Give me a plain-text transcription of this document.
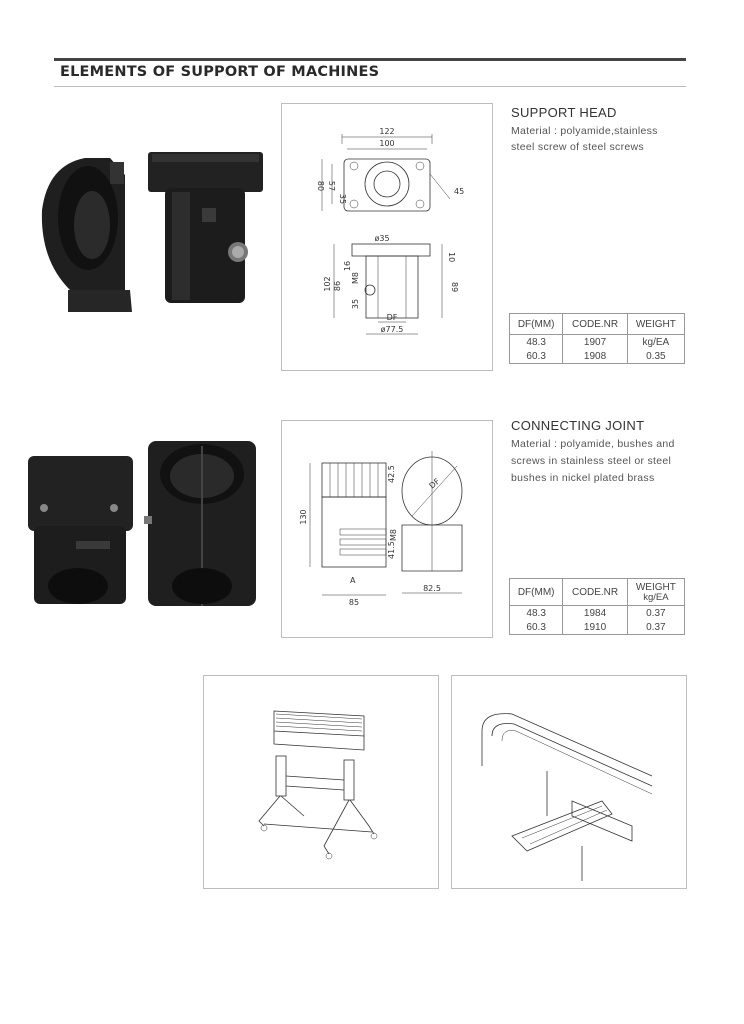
ELEMENTS OF SUPPORT OF MACHINES
122
100
80 57
35
45
ø35
89
10
102 86
16
M8
35
DF
ø77.5
SUPPORT HEAD
Material : polyamide,stainless
steel screw of steel screws
DF(MM)	CODE.NR	WEIGHT
48.3	1907	kg/EA
60.3	1908	0.35
42.5
41.5
M8
130
A
85
DF
82.5
CONNECTING JOINT
Material : polyamide, bushes and
screws in stainless steel or steel
bushes in nickel plated brass
DF(MM)	CODE.NR	WEIGHT
kg/EA

48.3	1984	0.37
60.3	1910	0.37
